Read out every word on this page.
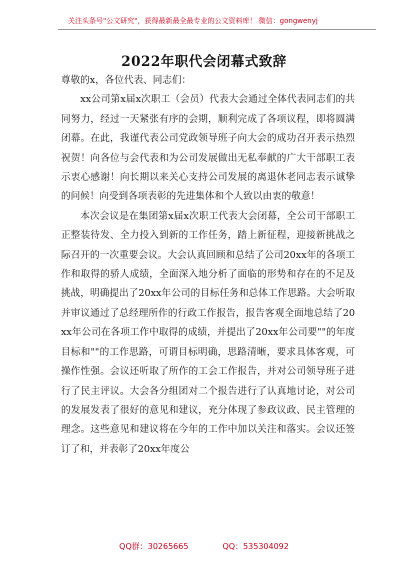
关注头条号"公文研究"，获得最新最全最专业的公文资料库！ 微信：gongwenyj
2022年职代会闭幕式致辞

尊敬的x，各位代表、同志们：

xx公司第x届x次职工（会员）代表大会通过全体代表同志们的共同努力，经过一天紧张有序的会期，顺利完成了各项议程，即将圆满闭幕。在此，我谨代表公司党政领导班子向大会的成功召开表示热烈祝贺！向各位与会代表和为公司发展做出无私奉献的广大干部职工表示衷心感谢！向长期以来关心支持公司发展的离退休老同志表示诚挚的问候！向受到各项表彰的先进集体和个人致以由衷的敬意！

本次会议是在集团第x届x次职工代表大会闭幕，全公司干部职工正整装待发、全力投入到新的工作任务，踏上新征程，迎接新挑战之际召开的一次重要会议。大会认真回顾和总结了公司20xx年的各项工作和取得的骄人成绩，全面深入地分析了面临的形势和存在的不足及挑战，明确提出了20xx年公司的目标任务和总体工作思路。大会听取并审议通过了总经理所作的行政工作报告，报告客观全面地总结了20xx年公司在各项工作中取得的成绩，并提出了20xx年公司要""的年度目标和""的工作思路，可谓目标明确，思路清晰，要求具体客观，可操作性强。会议还听取了所作的工会工作报告，并对公司领导班子进行了民主评议。大会各分组团对二个报告进行了认真地讨论，对公司的发展发表了很好的意见和建议，充分体现了参政议政、民主管理的理念。这些意见和建议将在今年的工作中加以关注和落实。会议还签订了和，并表彰了20xx年度公

QQ群：30265665	QQ：535304092
